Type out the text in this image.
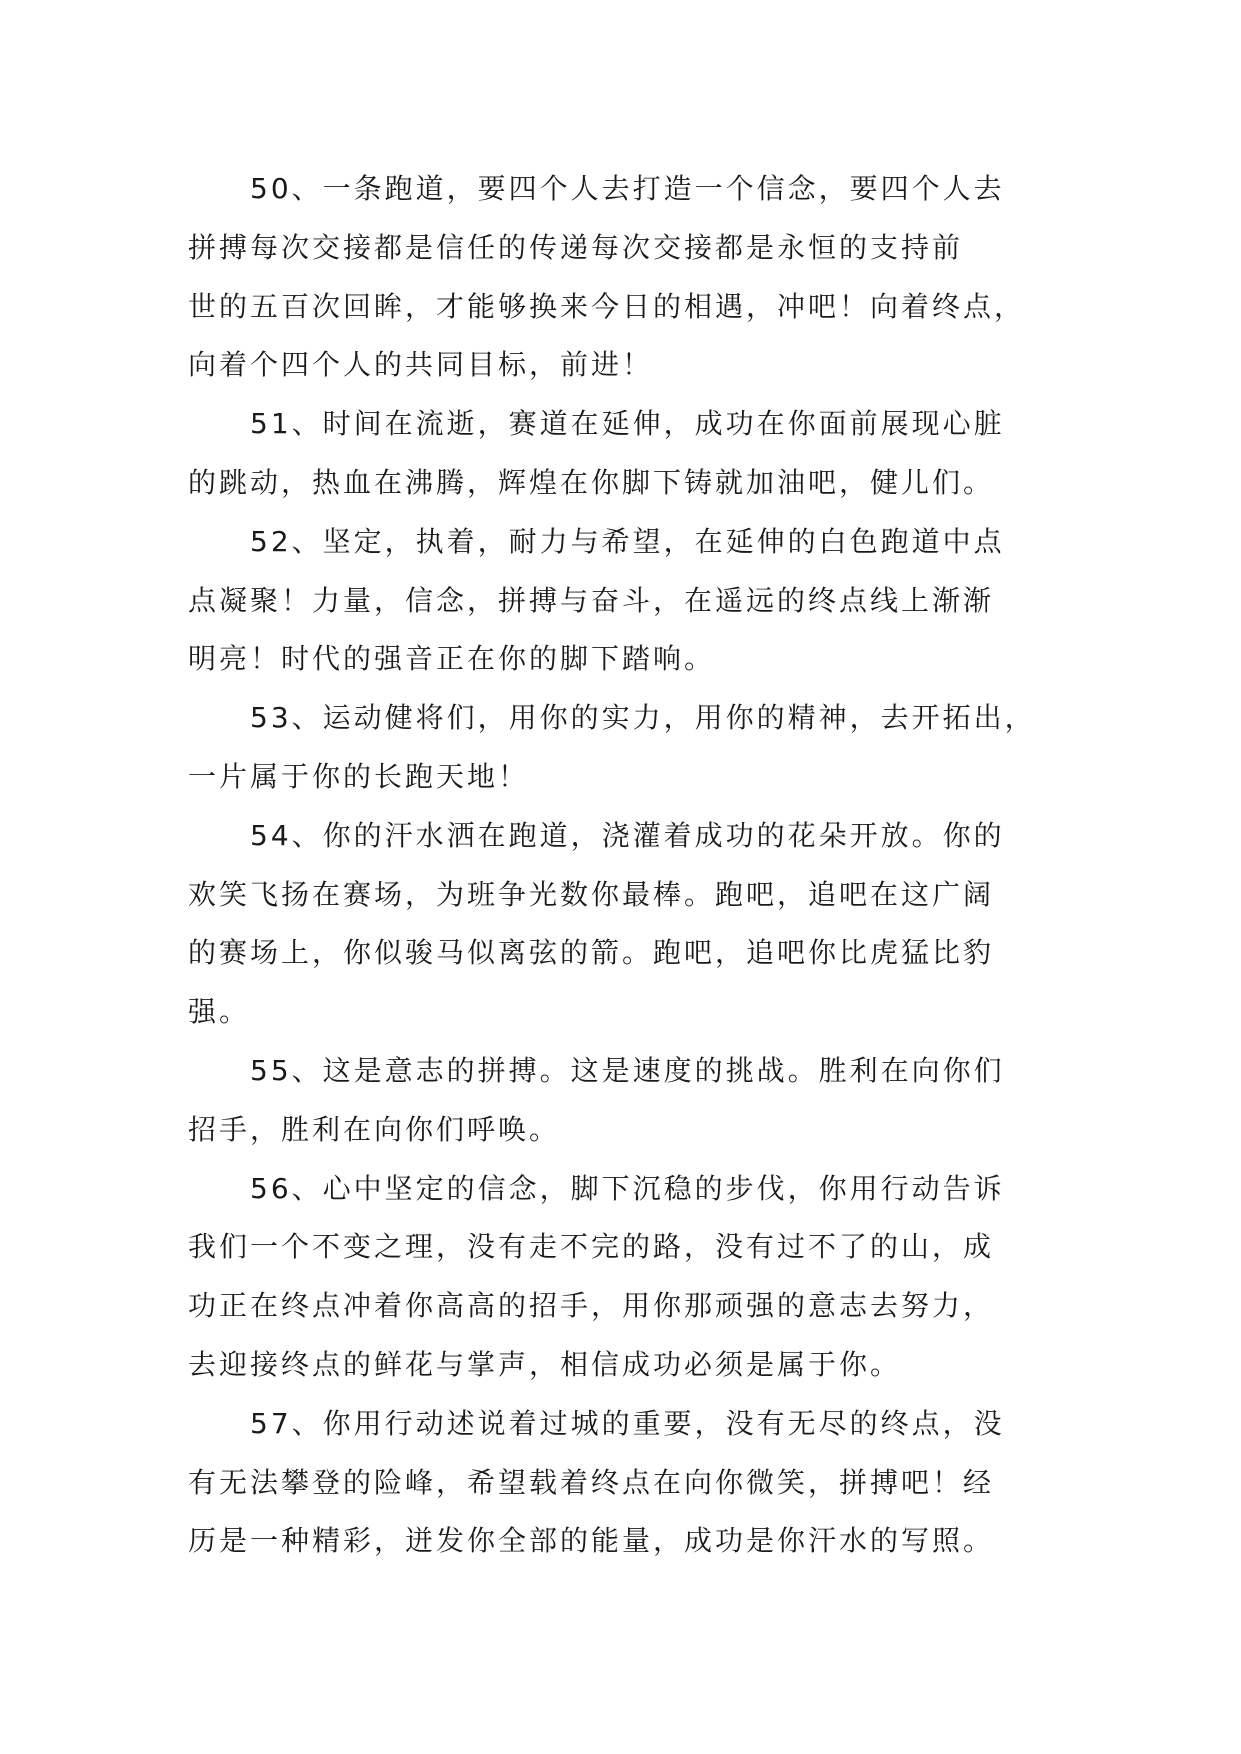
50、一条跑道，要四个人去打造一个信念，要四个人去
拼搏每次交接都是信任的传递每次交接都是永恒的支持前
世的五百次回眸，才能够换来今日的相遇，冲吧！向着终点，
向着个四个人的共同目标，前进！

51、时间在流逝，赛道在延伸，成功在你面前展现心脏
的跳动，热血在沸腾，辉煌在你脚下铸就加油吧，健儿们。

52、坚定，执着，耐力与希望，在延伸的白色跑道中点
点凝聚！力量，信念，拼搏与奋斗，在遥远的终点线上渐渐
明亮！时代的强音正在你的脚下踏响。

53、运动健将们，用你的实力，用你的精神，去开拓出，
一片属于你的长跑天地！

54、你的汗水洒在跑道，浇灌着成功的花朵开放。你的
欢笑飞扬在赛场，为班争光数你最棒。跑吧，追吧在这广阔
的赛场上，你似骏马似离弦的箭。跑吧，追吧你比虎猛比豹
强。

55、这是意志的拼搏。这是速度的挑战。胜利在向你们
招手，胜利在向你们呼唤。

56、心中坚定的信念，脚下沉稳的步伐，你用行动告诉
我们一个不变之理，没有走不完的路，没有过不了的山，成
功正在终点冲着你高高的招手，用你那顽强的意志去努力，
去迎接终点的鲜花与掌声，相信成功必须是属于你。

57、你用行动述说着过城的重要，没有无尽的终点，没
有无法攀登的险峰，希望载着终点在向你微笑，拼搏吧！经
历是一种精彩，迸发你全部的能量，成功是你汗水的写照。
